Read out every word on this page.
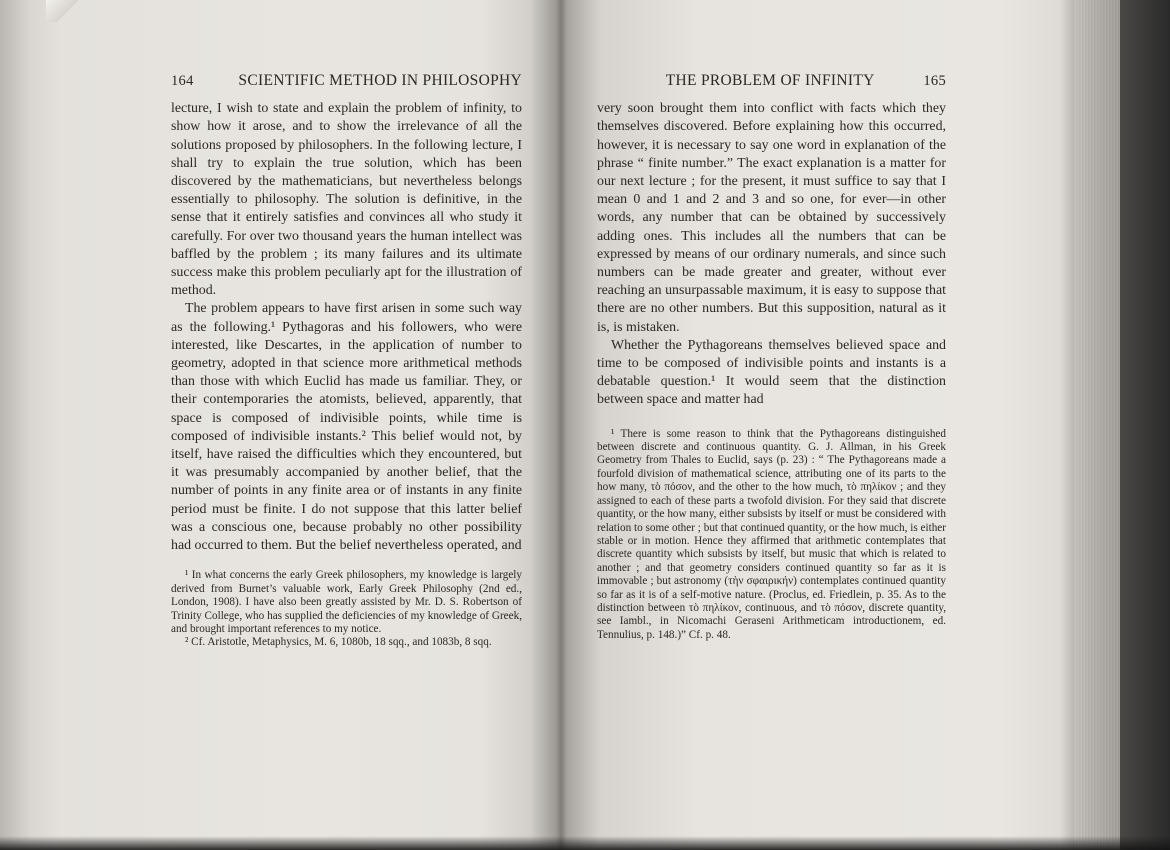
164	SCIENTIFIC METHOD IN PHILOSOPHY

lecture, I wish to state and explain the problem of infinity, to show how it arose, and to show the irrelevance of all the solutions proposed by philosophers. In the following lecture, I shall try to explain the true solution, which has been discovered by the mathematicians, but nevertheless belongs essentially to philosophy. The solution is definitive, in the sense that it entirely satisfies and convinces all who study it carefully. For over two thousand years the human intellect was baffled by the problem ; its many failures and its ultimate success make this problem peculiarly apt for the illustration of method.

The problem appears to have first arisen in some such way as the following.¹ Pythagoras and his followers, who were interested, like Descartes, in the application of number to geometry, adopted in that science more arithmetical methods than those with which Euclid has made us familiar. They, or their contemporaries the atomists, believed, apparently, that space is composed of indivisible points, while time is composed of indivisible instants.² This belief would not, by itself, have raised the difficulties which they encountered, but it was presumably accompanied by another belief, that the number of points in any finite area or of instants in any finite period must be finite. I do not suppose that this latter belief was a conscious one, because probably no other possibility had occurred to them. But the belief nevertheless operated, and

¹ In what concerns the early Greek philosophers, my knowledge is largely derived from Burnet’s valuable work, Early Greek Philosophy (2nd ed., London, 1908). I have also been greatly assisted by Mr. D. S. Robertson of Trinity College, who has supplied the deficiencies of my knowledge of Greek, and brought important references to my notice.

² Cf. Aristotle, Metaphysics, M. 6, 1080b, 18 sqq., and 1083b, 8 sqq.

THE PROBLEM OF INFINITY	165

very soon brought them into conflict with facts which they themselves discovered. Before explaining how this occurred, however, it is necessary to say one word in explanation of the phrase “ finite number.” The exact explanation is a matter for our next lecture ; for the present, it must suffice to say that I mean 0 and 1 and 2 and 3 and so one, for ever—in other words, any number that can be obtained by successively adding ones. This includes all the numbers that can be expressed by means of our ordinary numerals, and since such numbers can be made greater and greater, without ever reaching an unsurpassable maximum, it is easy to suppose that there are no other numbers. But this supposition, natural as it is, is mistaken.

Whether the Pythagoreans themselves believed space and time to be composed of indivisible points and instants is a debatable question.¹ It would seem that the distinction between space and matter had

¹ There is some reason to think that the Pythagoreans distinguished between discrete and continuous quantity. G. J. Allman, in his Greek Geometry from Thales to Euclid, says (p. 23) : “ The Pythagoreans made a fourfold division of mathematical science, attributing one of its parts to the how many, τὸ πόσον, and the other to the how much, τὸ πηλίκον ; and they assigned to each of these parts a twofold division. For they said that discrete quantity, or the how many, either subsists by itself or must be considered with relation to some other ; but that continued quantity, or the how much, is either stable or in motion. Hence they affirmed that arithmetic contemplates that discrete quantity which subsists by itself, but music that which is related to another ; and that geometry considers continued quantity so far as it is immovable ; but astronomy (τὴν σφαιρικήν) contemplates continued quantity so far as it is of a self-motive nature. (Proclus, ed. Friedlein, p. 35. As to the distinction between τὸ πηλίκον, continuous, and τὸ πόσον, discrete quantity, see Iambl., in Nicomachi Geraseni Arithmeticam introductionem, ed. Tennulius, p. 148.)” Cf. p. 48.
